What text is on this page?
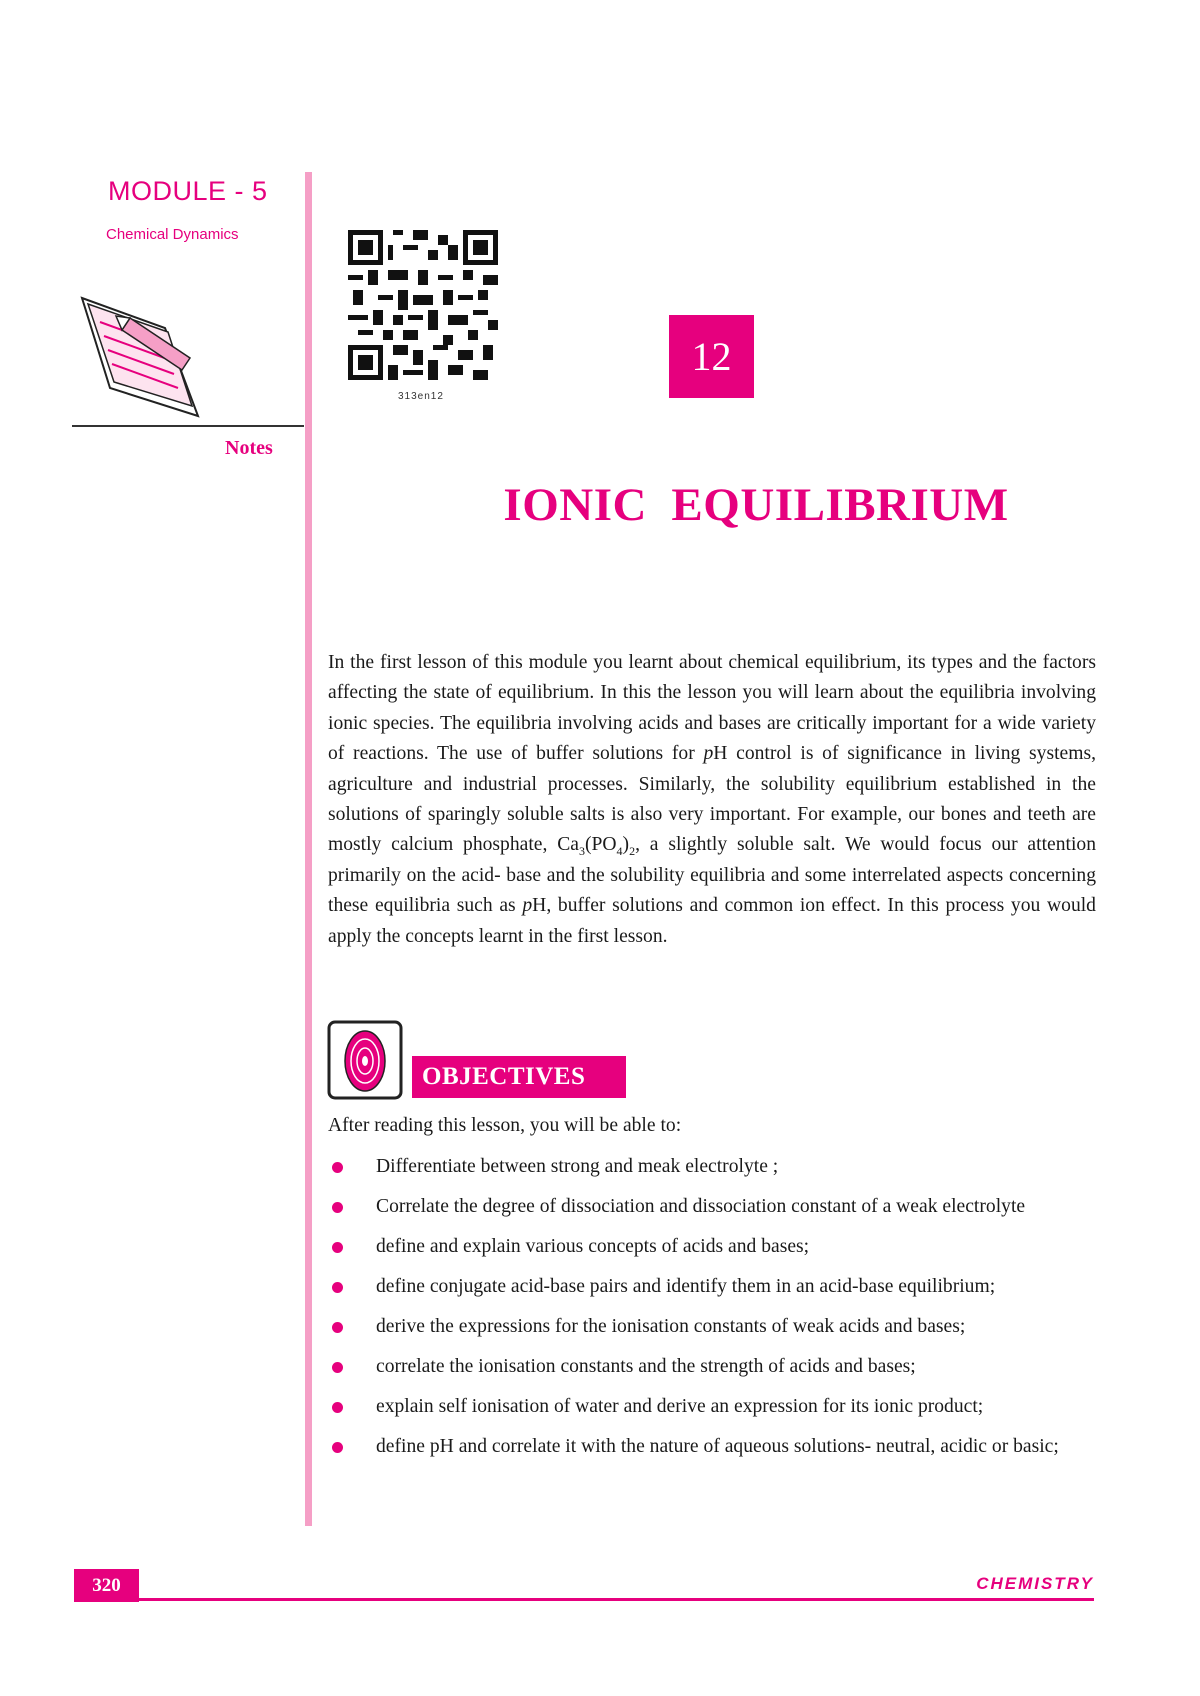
MODULE - 5
Chemical Dynamics
Notes
313en12
12
IONIC  EQUILIBRIUM
In the first lesson of this module you learnt about chemical equilibrium, its types and the factors affecting the state of equilibrium. In this the lesson you will learn about the equilibria involving ionic species. The equilibria involving acids and bases are critically important for a wide variety of reactions. The use of buffer solutions for pH control is of significance in living systems, agriculture and industrial processes. Similarly, the solubility equilibrium established in the solutions of sparingly soluble salts is also very important. For example, our bones and teeth are mostly calcium phosphate, $Ca_3(PO_4)_2$, a slightly soluble salt. We would focus our attention primarily on the acid- base and the solubility equilibria and some interrelated aspects concerning these equilibria such as pH, buffer solutions and common ion effect. In this process you would apply the concepts learnt in the first lesson.
OBJECTIVES
After reading this lesson, you will be able to:
Differentiate between strong and meak electrolyte ;
Correlate the degree of dissociation and dissociation constant of a weak electrolyte
define and explain various concepts of acids and bases;
define conjugate acid-base pairs and identify them in an acid-base equilibrium;
derive the expressions for the ionisation constants of weak acids and bases;
correlate the ionisation constants and the strength of acids and bases;
explain self ionisation of water and derive an expression for its ionic product;
define pH and correlate it with the nature of aqueous solutions- neutral, acidic or basic;
320	CHEMISTRY
